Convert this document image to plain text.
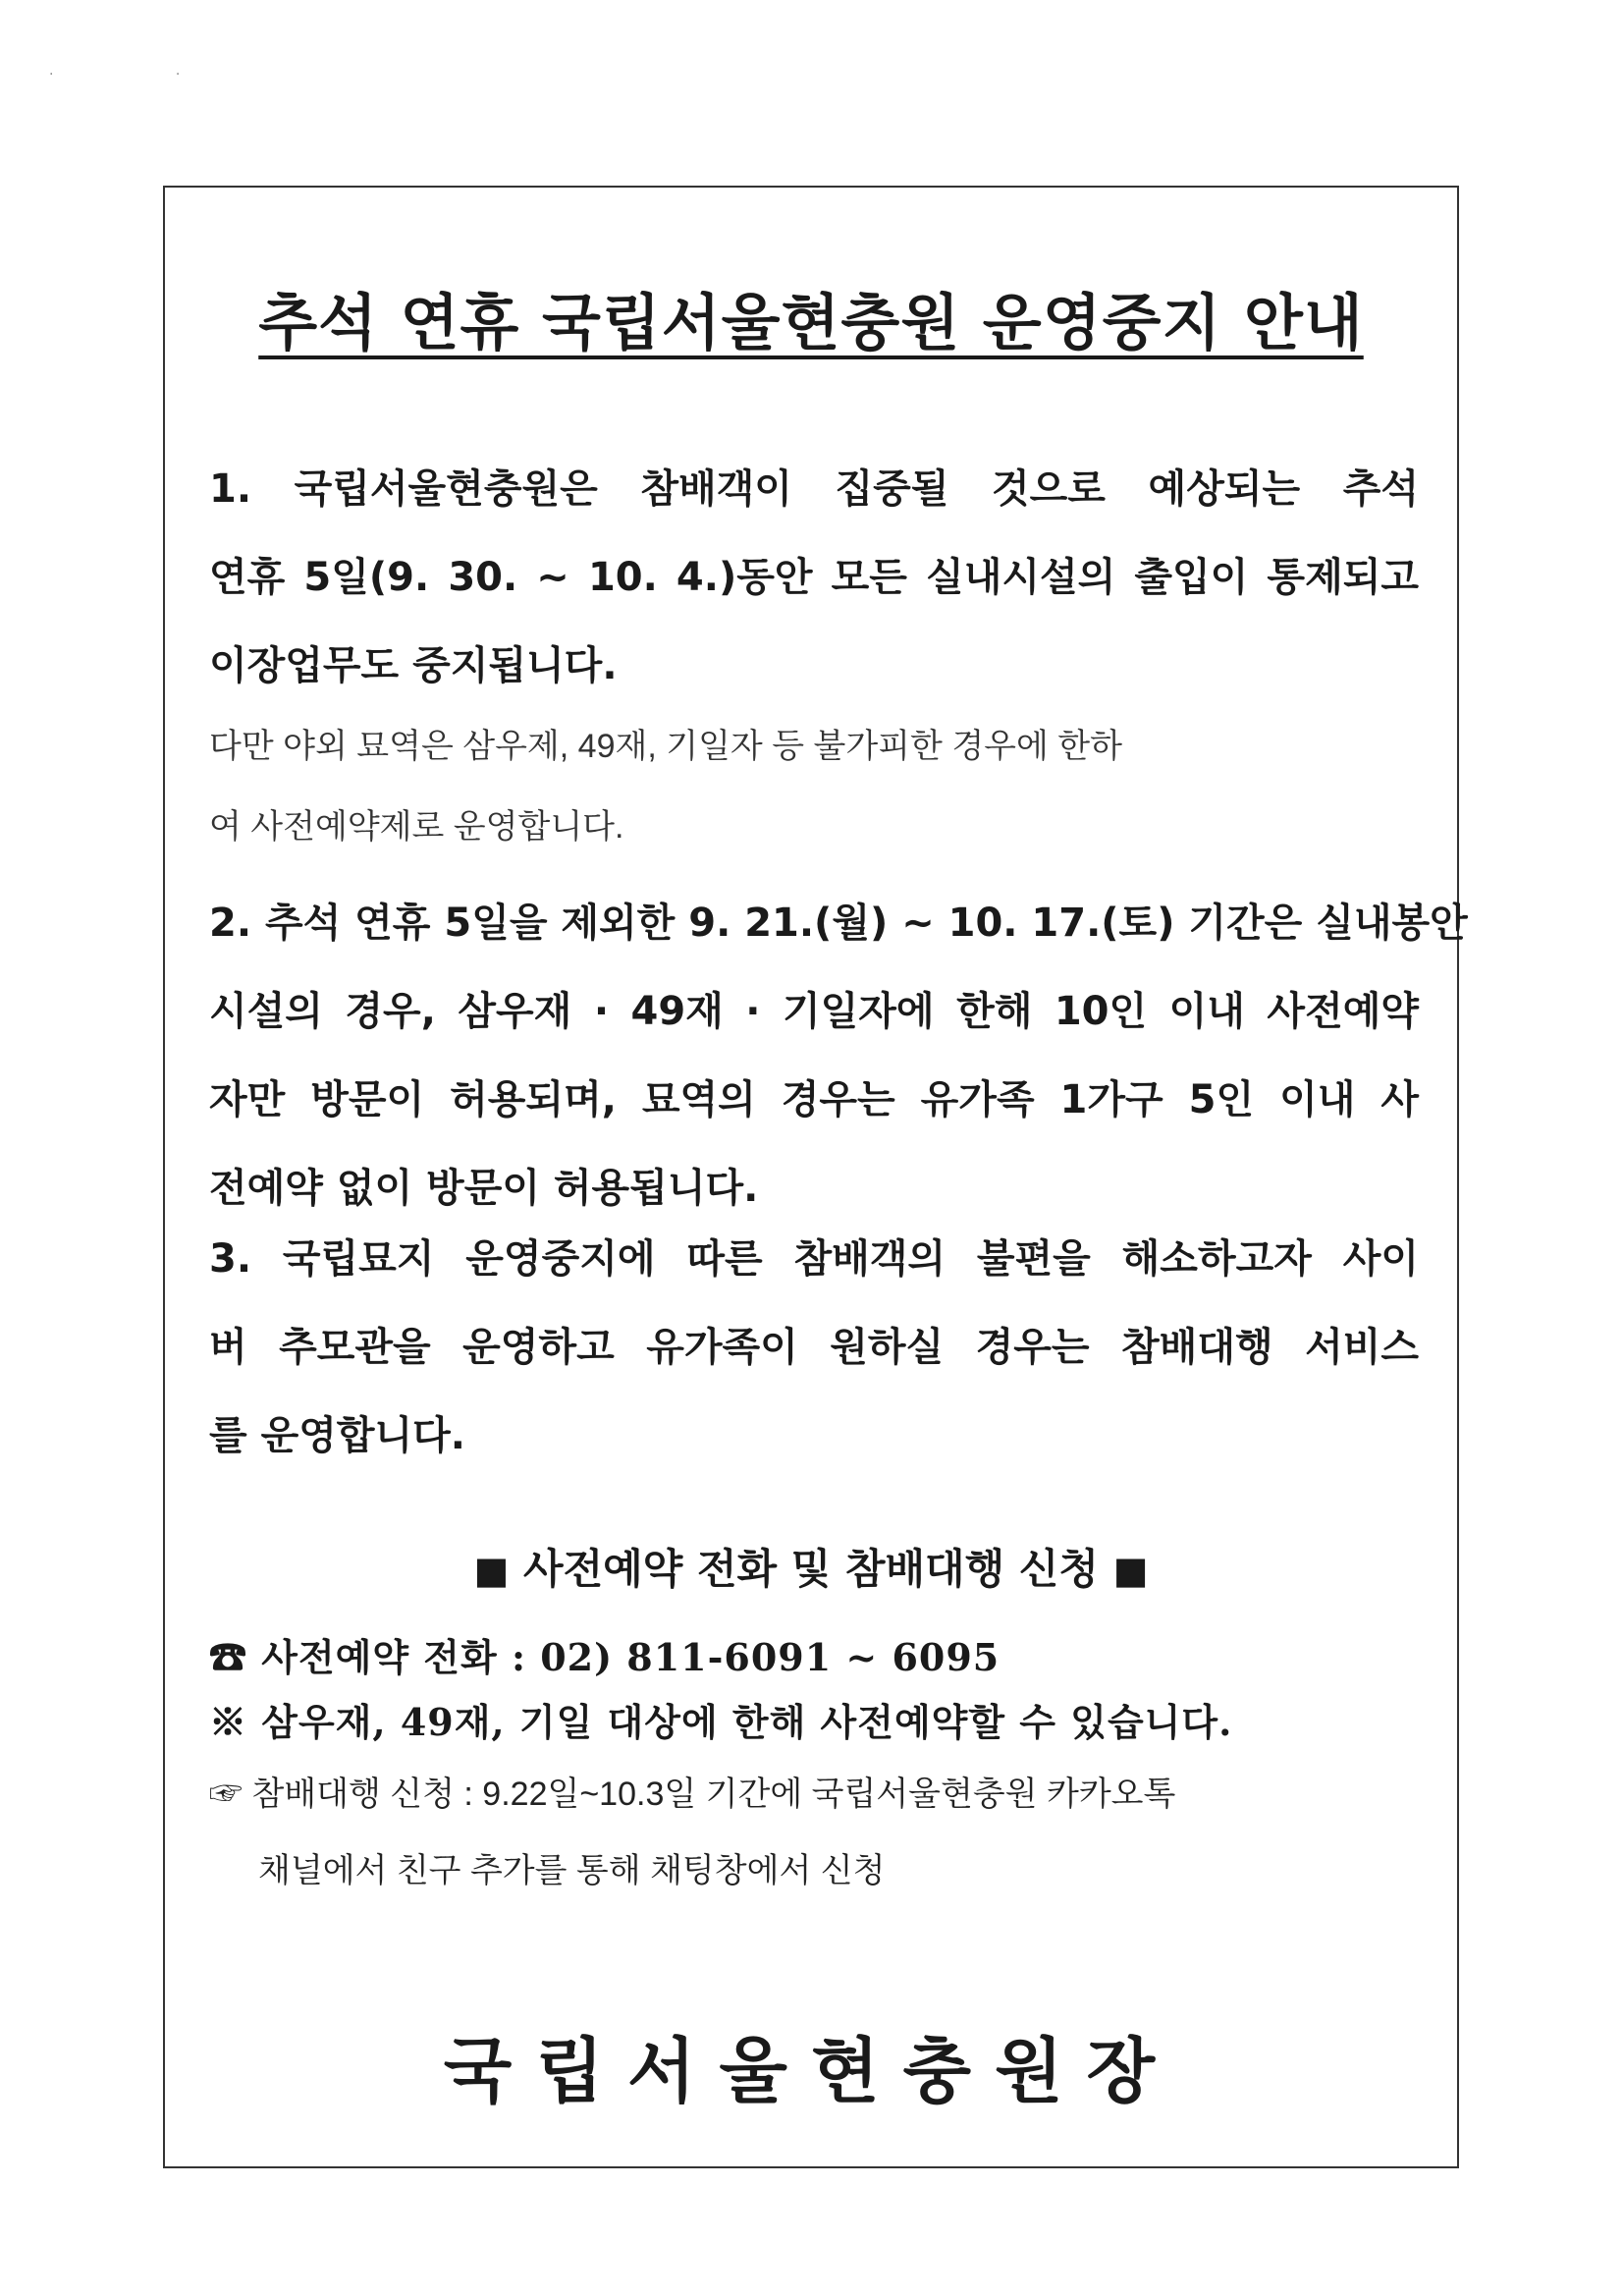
· ·
추석 연휴 국립서울현충원 운영중지 안내
1. 국립서울현충원은 참배객이 집중될 것으로 예상되는 추석
연휴 5일(9. 30. ~ 10. 4.)동안 모든 실내시설의 출입이 통제되고
이장업무도 중지됩니다.
다만 야외 묘역은 삼우제, 49재, 기일자 등 불가피한 경우에 한하
여 사전예약제로 운영합니다.
2. 추석 연휴 5일을 제외한 9. 21.(월) ~ 10. 17.(토) 기간은 실내봉안
시설의 경우, 삼우재 · 49재 · 기일자에 한해 10인 이내 사전예약
자만 방문이 허용되며, 묘역의 경우는 유가족 1가구 5인 이내 사
전예약 없이 방문이 허용됩니다.
3. 국립묘지 운영중지에 따른 참배객의 불편을 해소하고자 사이
버 추모관을 운영하고 유가족이 원하실 경우는 참배대행 서비스
를 운영합니다.
■ 사전예약 전화 및 참배대행 신청 ■
☎ 사전예약 전화 : 02) 811-6091 ~ 6095
※ 삼우재, 49재, 기일 대상에 한해 사전예약할 수 있습니다.
☞ 참배대행 신청 : 9.22일~10.3일 기간에 국립서울현충원 카카오톡
채널에서 친구 추가를 통해 채팅창에서 신청
국립서울현충원장
